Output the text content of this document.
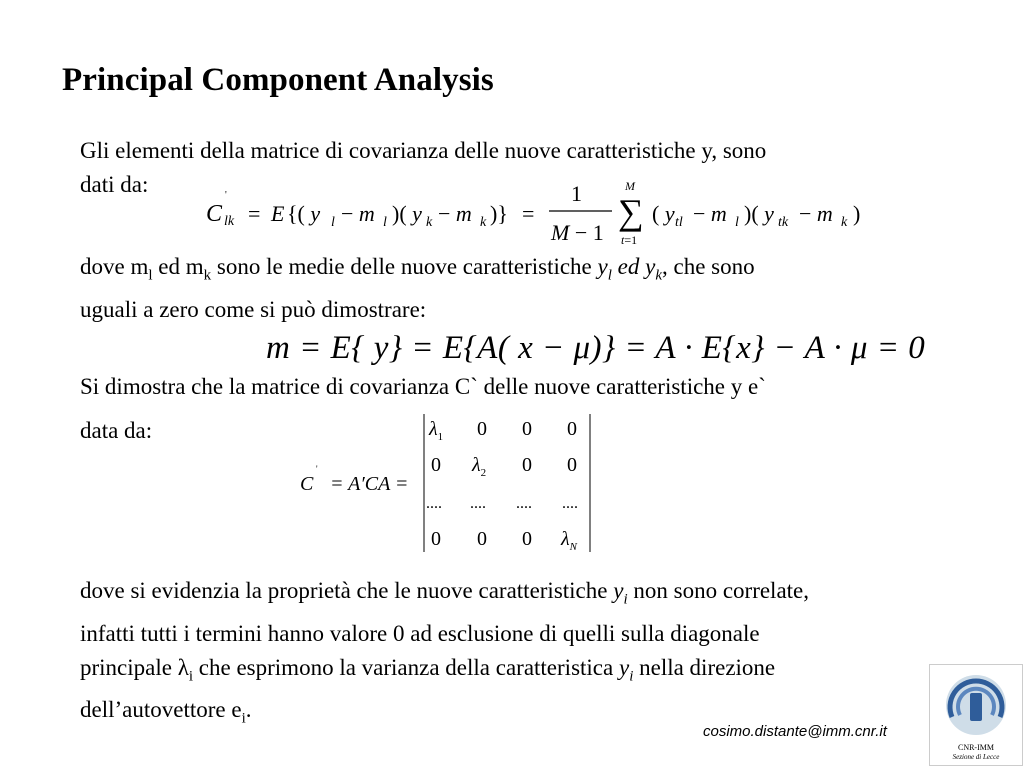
Principal Component Analysis
Gli elementi della matrice di covarianza delle nuove caratteristiche y, sono
dati da:
C
'
lk = E {( y l − m l )( y k − m k )} =
1
M − 1
M
∑
t=1
( y tl − m l )( y tk − m k )
dove $m_l$ ed $m_k$ sono le medie delle nuove caratteristiche $y_l$ ed $y_k$, che sono
uguali a zero come si può dimostrare:
m = E{ y} = E{A( x − μ)} = A · E{x} − A · μ = 0
Si dimostra che la matrice di covarianza C` delle nuove caratteristiche y e`
data da:
C
'
= A′CA =
$\lambda_1$ 0 0 0
0 $\lambda_2$ 0 0
.... .... .... ....
0 0 0 $\lambda_N$
dove si evidenzia la proprietà che le nuove caratteristiche $y_i$ non sono correlate,
infatti tutti i termini hanno valore 0 ad esclusione di quelli sulla diagonale
principale $\lambda_i$ che esprimono la varianza della caratteristica $y_i$ nella direzione
dell’autovettore $e_i$.
cosimo.distante@imm.cnr.it
CNR-IMM
Sezione di Lecce
